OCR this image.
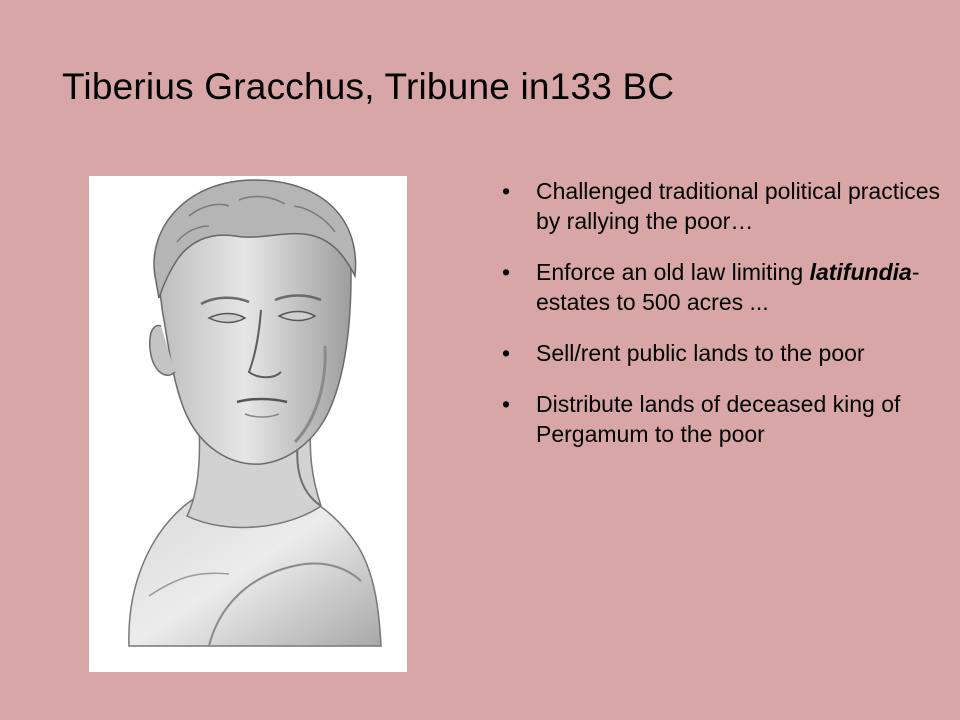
Tiberius Gracchus, Tribune in133 BC
• Challenged traditional political practices by rallying the poor…
• Enforce an old law limiting latifundia-estates to 500 acres ...
• Sell/rent public lands to the poor
• Distribute lands of deceased king of Pergamum to the poor
